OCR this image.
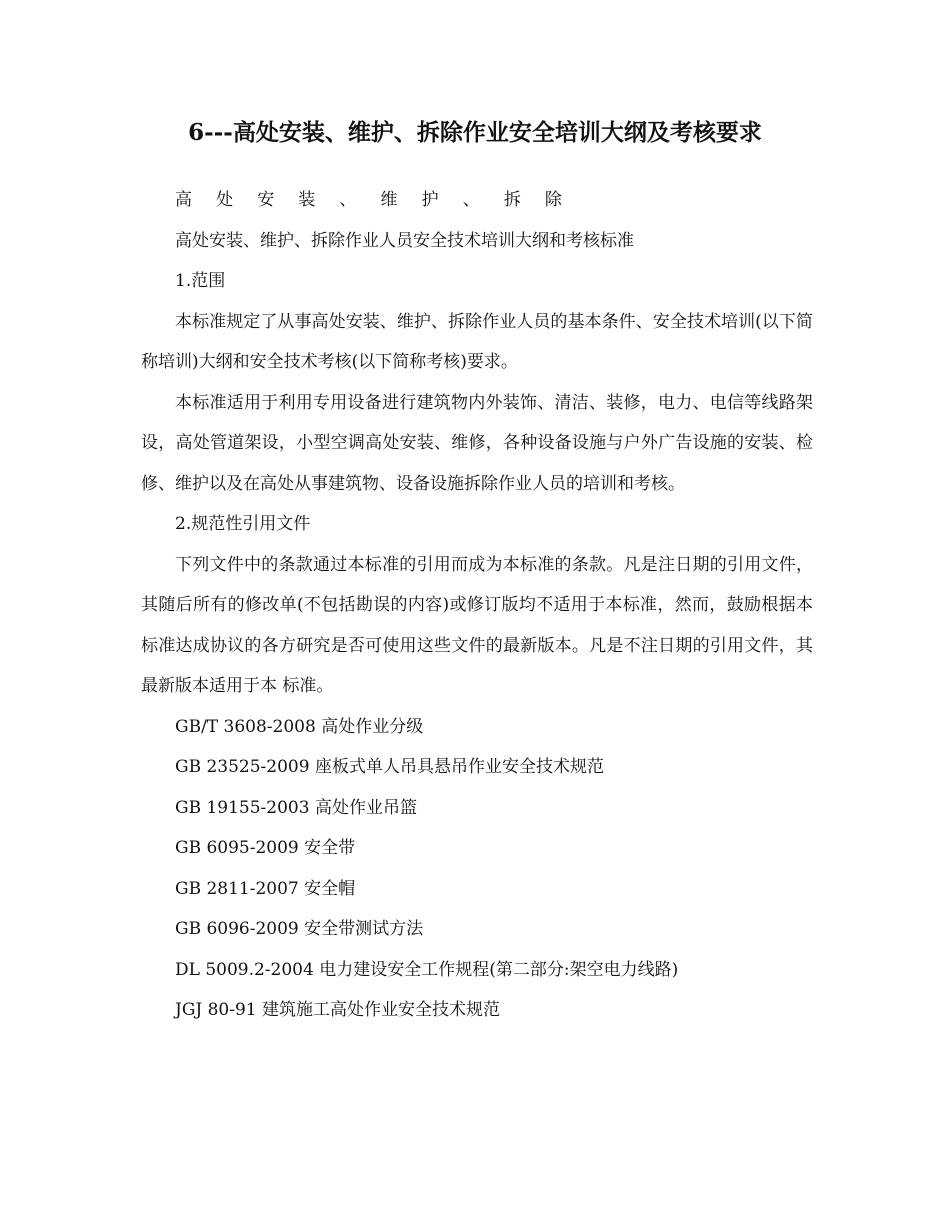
6---高处安装、维护、拆除作业安全培训大纲及考核要求

高 处 安 装 、 维 护 、 拆 除

高处安装、维护、拆除作业人员安全技术培训大纲和考核标准

1.范围

本标准规定了从事高处安装、维护、拆除作业人员的基本条件、安全技术培训(以下简称培训)大纲和安全技术考核(以下简称考核)要求。

本标准适用于利用专用设备进行建筑物内外装饰、清洁、装修，电力、电信等线路架设，高处管道架设，小型空调高处安装、维修，各种设备设施与户外广告设施的安装、检修、维护以及在高处从事建筑物、设备设施拆除作业人员的培训和考核。

2.规范性引用文件

下列文件中的条款通过本标准的引用而成为本标准的条款。凡是注日期的引用文件，其随后所有的修改单(不包括勘误的内容)或修订版均不适用于本标准，然而，鼓励根据本标准达成协议的各方研究是否可使用这些文件的最新版本。凡是不注日期的引用文件，其最新版本适用于本 标准。

GB/T 3608-2008 高处作业分级

GB 23525-2009 座板式单人吊具悬吊作业安全技术规范

GB 19155-2003 高处作业吊篮

GB 6095-2009 安全带

GB 2811-2007 安全帽

GB 6096-2009 安全带测试方法

DL 5009.2-2004 电力建设安全工作规程(第二部分:架空电力线路)

JGJ 80-91 建筑施工高处作业安全技术规范
